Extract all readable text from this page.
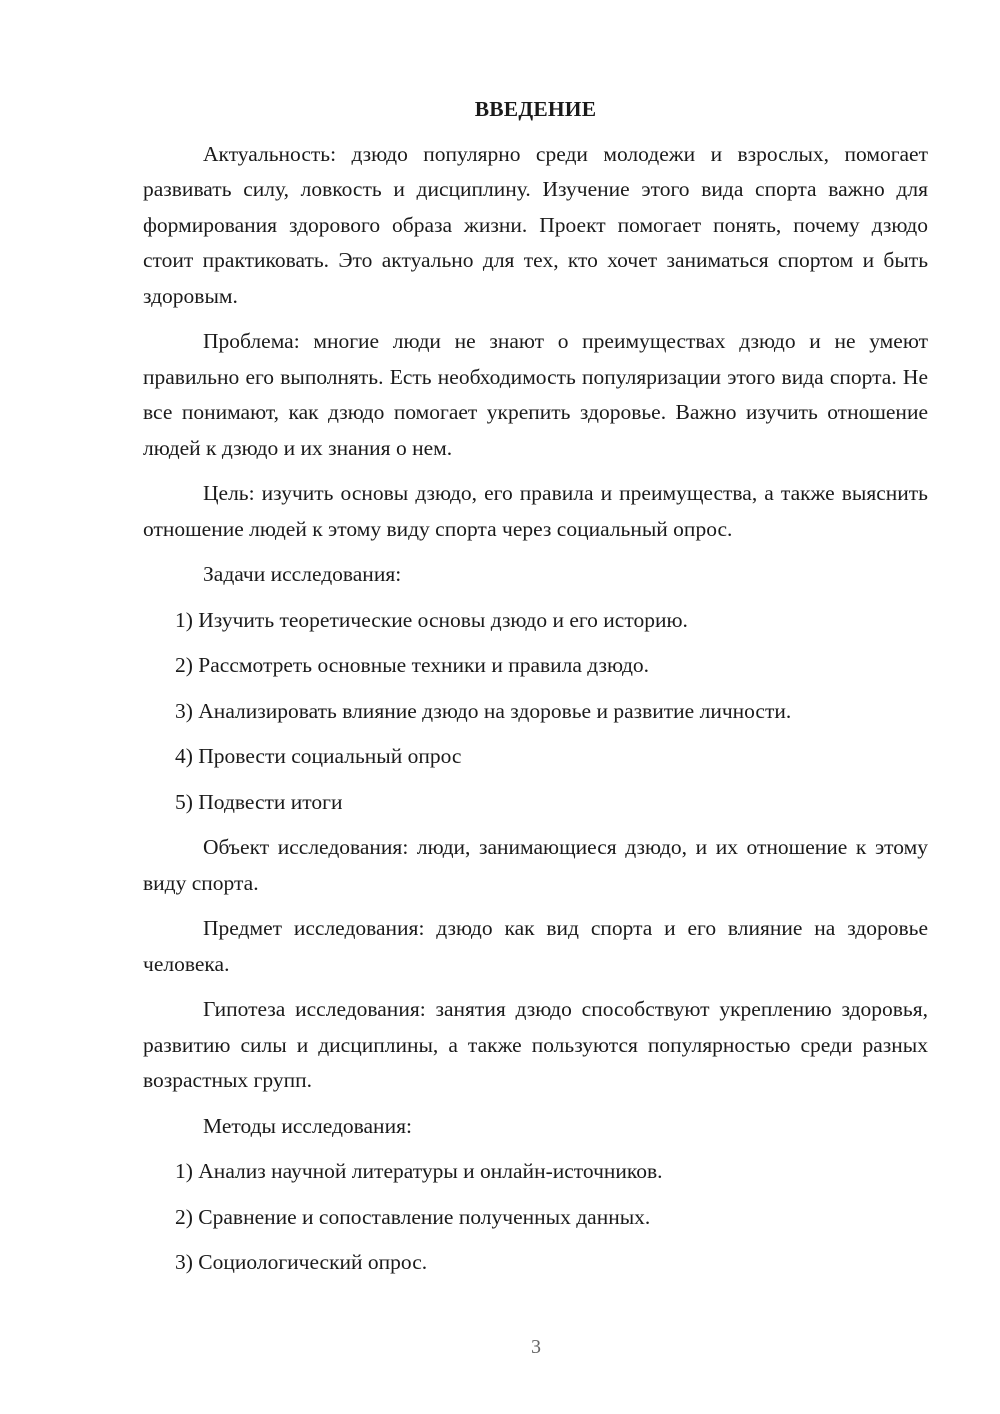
ВВЕДЕНИЕ
Актуальность: дзюдо популярно среди молодежи и взрослых, помогает развивать силу, ловкость и дисциплину. Изучение этого вида спорта важно для формирования здорового образа жизни. Проект помогает понять, почему дзюдо стоит практиковать. Это актуально для тех, кто хочет заниматься спортом и быть здоровым.
Проблема: многие люди не знают о преимуществах дзюдо и не умеют правильно его выполнять. Есть необходимость популяризации этого вида спорта. Не все понимают, как дзюдо помогает укрепить здоровье. Важно изучить отношение людей к дзюдо и их знания о нем.
Цель: изучить основы дзюдо, его правила и преимущества, а также выяснить отношение людей к этому виду спорта через социальный опрос.
Задачи исследования:
1) Изучить теоретические основы дзюдо и его историю.
2) Рассмотреть основные техники и правила дзюдо.
3) Анализировать влияние дзюдо на здоровье и развитие личности.
4) Провести социальный опрос
5) Подвести итоги
Объект исследования: люди, занимающиеся дзюдо, и их отношение к этому виду спорта.
Предмет исследования: дзюдо как вид спорта и его влияние на здоровье человека.
Гипотеза исследования: занятия дзюдо способствуют укреплению здоровья, развитию силы и дисциплины, а также пользуются популярностью среди разных возрастных групп.
Методы исследования:
1) Анализ научной литературы и онлайн-источников.
2) Сравнение и сопоставление полученных данных.
3) Социологический опрос.
3
